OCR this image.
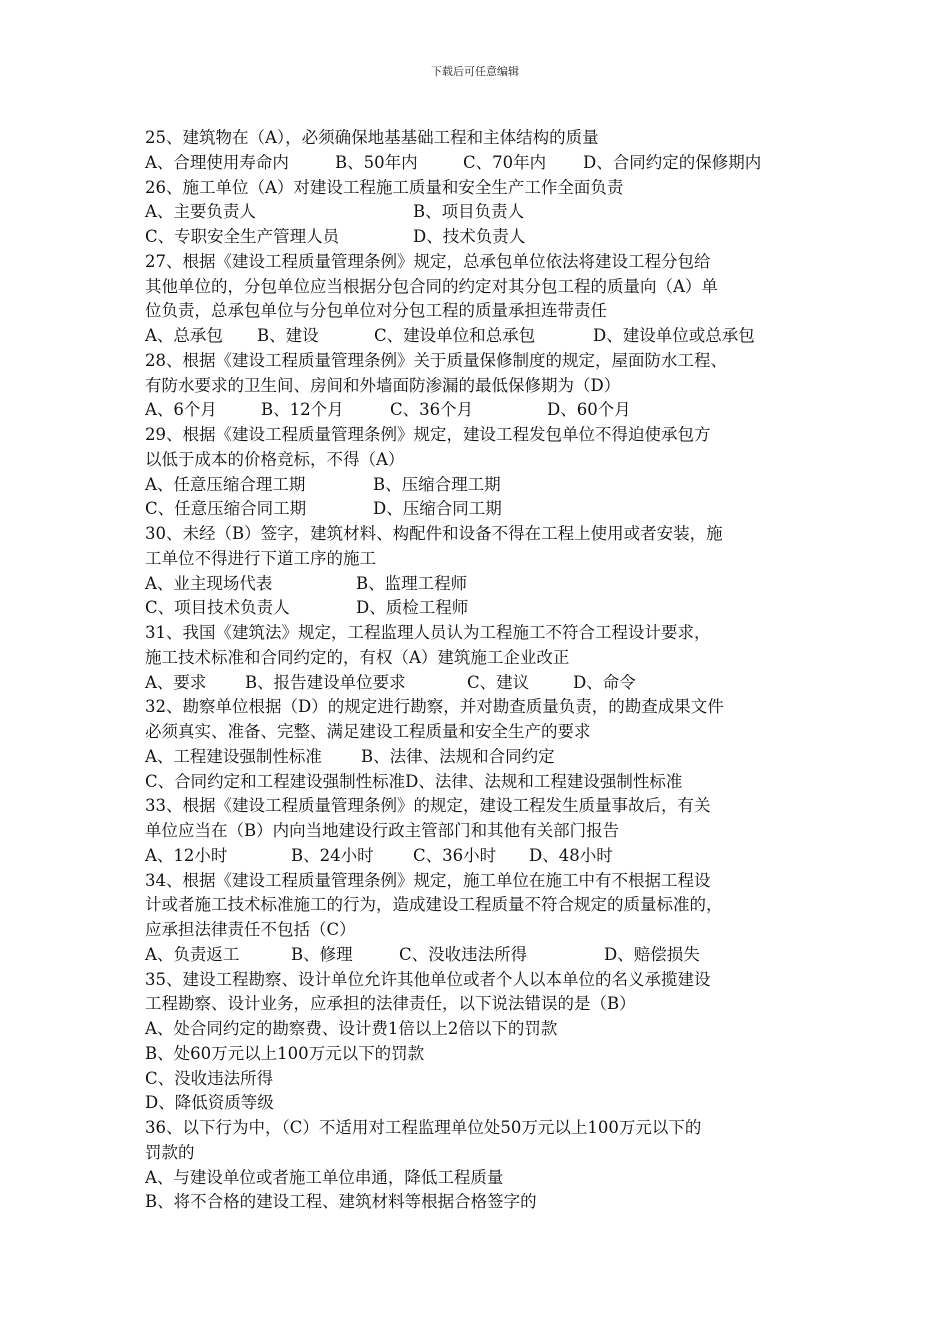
下载后可任意编辑
25、建筑物在（A），必须确保地基基础工程和主体结构的质量
A、合理使用寿命内	B、50年内	C、70年内 D、合同约定的保修期内
26、施工单位（A）对建设工程施工质量和安全生产工作全面负责
A、主要负责人	B、项目负责人
C、专职安全生产管理人员	D、技术负责人
27、根据《建设工程质量管理条例》规定，总承包单位依法将建设工程分包给
其他单位的，分包单位应当根据分包合同的约定对其分包工程的质量向（A）单
位负责，总承包单位与分包单位对分包工程的质量承担连带责任
A、总承包 B、建设	C、建设单位和总承包	D、建设单位或总承包
28、根据《建设工程质量管理条例》关于质量保修制度的规定，屋面防水工程、
有防水要求的卫生间、房间和外墙面防渗漏的最低保修期为（D）
A、6个月	B、12个月	C、36个月	D、60个月
29、根据《建设工程质量管理条例》规定，建设工程发包单位不得迫使承包方
以低于成本的价格竞标，不得（A）
A、任意压缩合理工期	B、压缩合理工期
C、任意压缩合同工期	D、压缩合同工期
30、未经（B）签字，建筑材料、构配件和设备不得在工程上使用或者安装，施
工单位不得进行下道工序的施工
A、业主现场代表	B、监理工程师
C、项目技术负责人	D、质检工程师
31、我国《建筑法》规定，工程监理人员认为工程施工不符合工程设计要求，
施工技术标准和合同约定的，有权（A）建筑施工企业改正
A、要求 B、报告建设单位要求	C、建议	D、命令
32、勘察单位根据（D）的规定进行勘察，并对勘查质量负责，的勘查成果文件
必须真实、准备、完整、满足建设工程质量和安全生产的要求
A、工程建设强制性标准 B、法律、法规和合同约定
C、合同约定和工程建设强制性标准D、法律、法规和工程建设强制性标准
33、根据《建设工程质量管理条例》的规定，建设工程发生质量事故后，有关
单位应当在（B）内向当地建设行政主管部门和其他有关部门报告
A、12小时	B、24小时 C、36小时 D、48小时
34、根据《建设工程质量管理条例》规定，施工单位在施工中有不根据工程设
计或者施工技术标准施工的行为，造成建设工程质量不符合规定的质量标准的，
应承担法律责任不包括（C）
A、负责返工	B、修理	C、没收违法所得	D、赔偿损失
35、建设工程勘察、设计单位允许其他单位或者个人以本单位的名义承揽建设
工程勘察、设计业务，应承担的法律责任，以下说法错误的是（B）
A、处合同约定的勘察费、设计费1倍以上2倍以下的罚款
B、处60万元以上100万元以下的罚款
C、没收违法所得
D、降低资质等级
36、以下行为中，（C）不适用对工程监理单位处50万元以上100万元以下的
罚款的
A、与建设单位或者施工单位串通，降低工程质量
B、将不合格的建设工程、建筑材料等根据合格签字的
